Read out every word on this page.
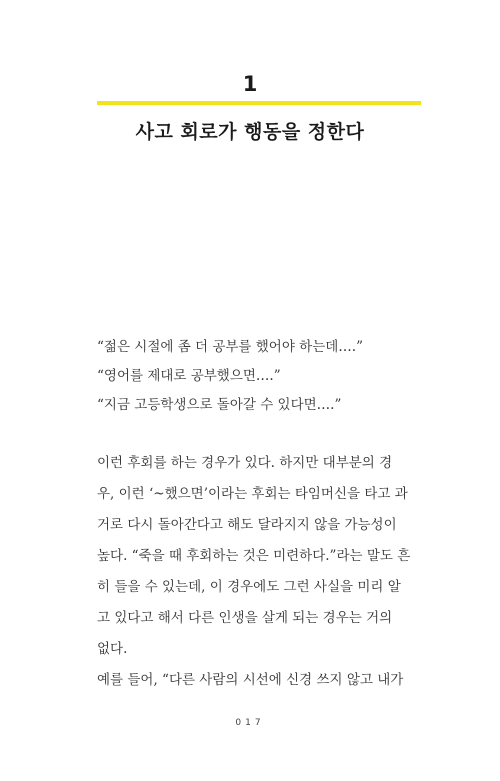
1
사고 회로가 행동을 정한다

“젊은 시절에 좀 더 공부를 했어야 하는데….”

“영어를 제대로 공부했으면….”

“지금 고등학생으로 돌아갈 수 있다면….”

이런 후회를 하는 경우가 있다. 하지만 대부분의 경

우, 이런 ‘~했으면’이라는 후회는 타임머신을 타고 과

거로 다시 돌아간다고 해도 달라지지 않을 가능성이

높다. “죽을 때 후회하는 것은 미련하다.”라는 말도 흔

히 들을 수 있는데, 이 경우에도 그런 사실을 미리 알

고 있다고 해서 다른 인생을 살게 되는 경우는 거의

없다.

예를 들어, “다른 사람의 시선에 신경 쓰지 않고 내가

017
